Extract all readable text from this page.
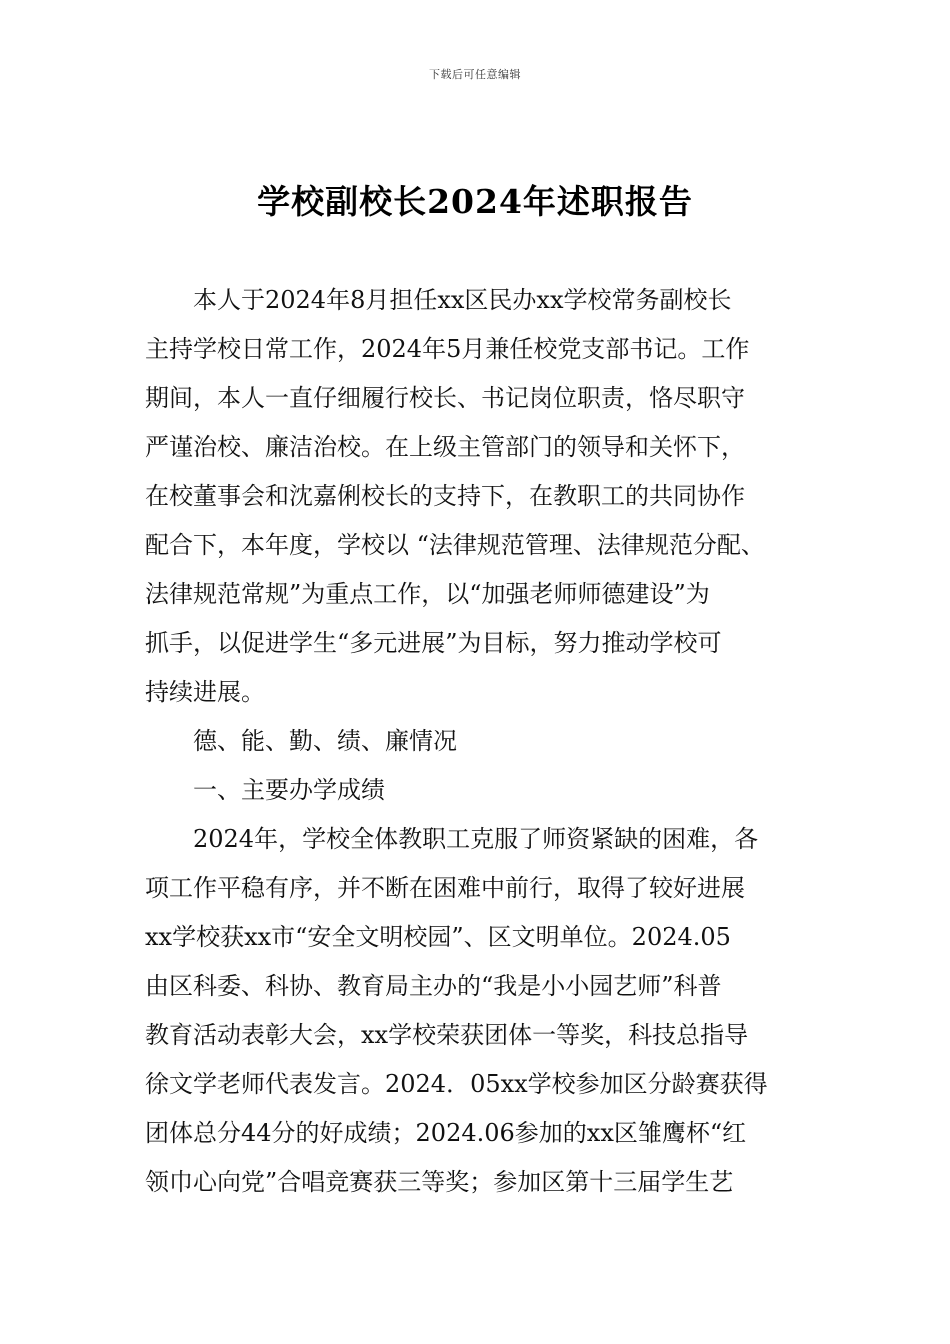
下载后可任意编辑
学校副校长2024年述职报告
本人于2024年8月担任xx区民办xx学校常务副校长
主持学校日常工作，2024年5月兼任校党支部书记。工作
期间，本人一直仔细履行校长、书记岗位职责，恪尽职守
严谨治校、廉洁治校。在上级主管部门的领导和关怀下，
在校董事会和沈嘉俐校长的支持下，在教职工的共同协作
配合下，本年度，学校以 “法律规范管理、法律规范分配、
法律规范常规”为重点工作，以“加强老师师德建设”为
抓手，以促进学生“多元进展”为目标，努力推动学校可
持续进展。
德、能、勤、绩、廉情况
一、主要办学成绩
2024年，学校全体教职工克服了师资紧缺的困难，各
项工作平稳有序，并不断在困难中前行，取得了较好进展
xx学校获xx市“安全文明校园”、区文明单位。2024.05
由区科委、科协、教育局主办的“我是小小园艺师”科普
教育活动表彰大会，xx学校荣获团体一等奖，科技总指导
徐文学老师代表发言。2024．05xx学校参加区分龄赛获得
团体总分44分的好成绩；2024.06参加的xx区雏鹰杯“红
领巾心向党”合唱竞赛获三等奖；参加区第十三届学生艺
